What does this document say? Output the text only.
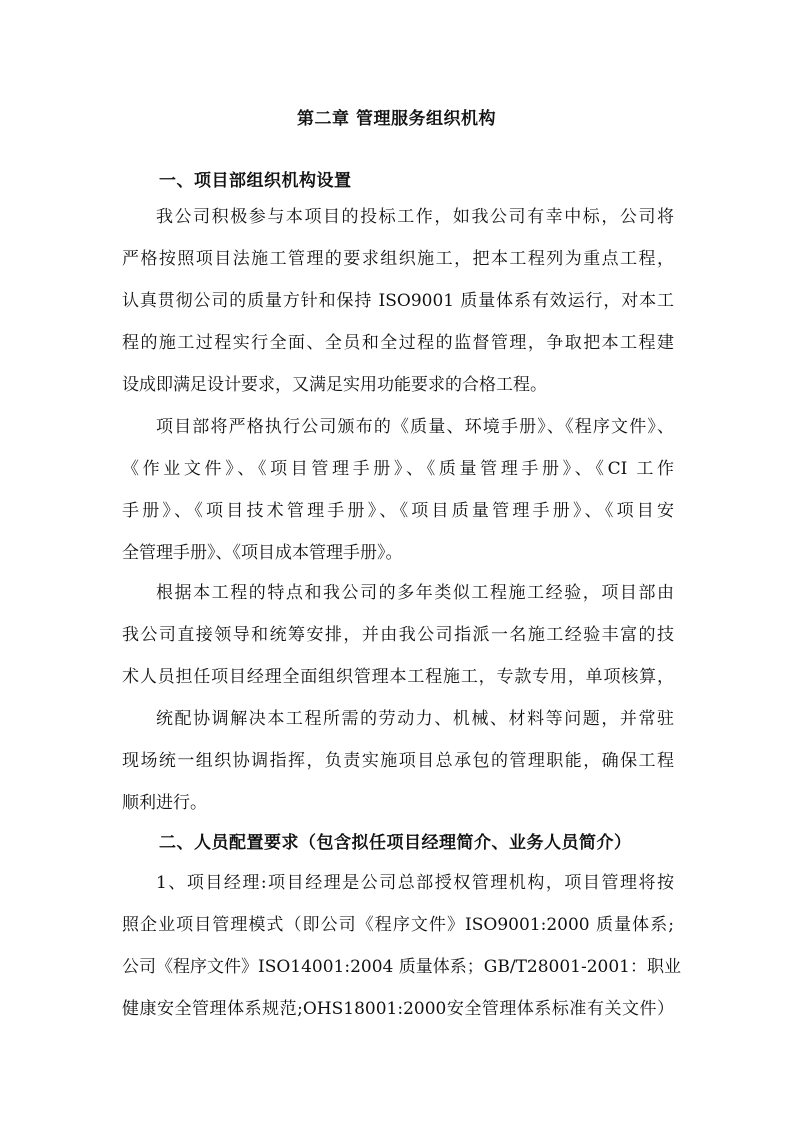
第二章 管理服务组织机构
一、项目部组织机构设置
我公司积极参与本项目的投标工作，如我公司有幸中标，公司将
严格按照项目法施工管理的要求组织施工，把本工程列为重点工程，
认真贯彻公司的质量方针和保持 ISO9001 质量体系有效运行，对本工
程的施工过程实行全面、全员和全过程的监督管理，争取把本工程建
设成即满足设计要求，又满足实用功能要求的合格工程。
项目部将严格执行公司颁布的《质量、环境手册》、《程序文件》、
《作业文件》、《项目管理手册》、《质量管理手册》、《CI 工作
手册》、《项目技术管理手册》、《项目质量管理手册》、《项目安
全管理手册》、《项目成本管理手册》。
根据本工程的特点和我公司的多年类似工程施工经验，项目部由
我公司直接领导和统筹安排，并由我公司指派一名施工经验丰富的技
术人员担任项目经理全面组织管理本工程施工，专款专用，单项核算，
统配协调解决本工程所需的劳动力、机械、材料等问题，并常驻
现场统一组织协调指挥，负责实施项目总承包的管理职能，确保工程
顺利进行。
二、人员配置要求（包含拟任项目经理简介、业务人员简介）
1、项目经理:项目经理是公司总部授权管理机构，项目管理将按
照企业项目管理模式（即公司《程序文件》ISO9001:2000 质量体系;
公司《程序文件》ISO14001:2004 质量体系；GB/T28001-2001：职业
健康安全管理体系规范;OHS18001:2000安全管理体系标准有关文件）
